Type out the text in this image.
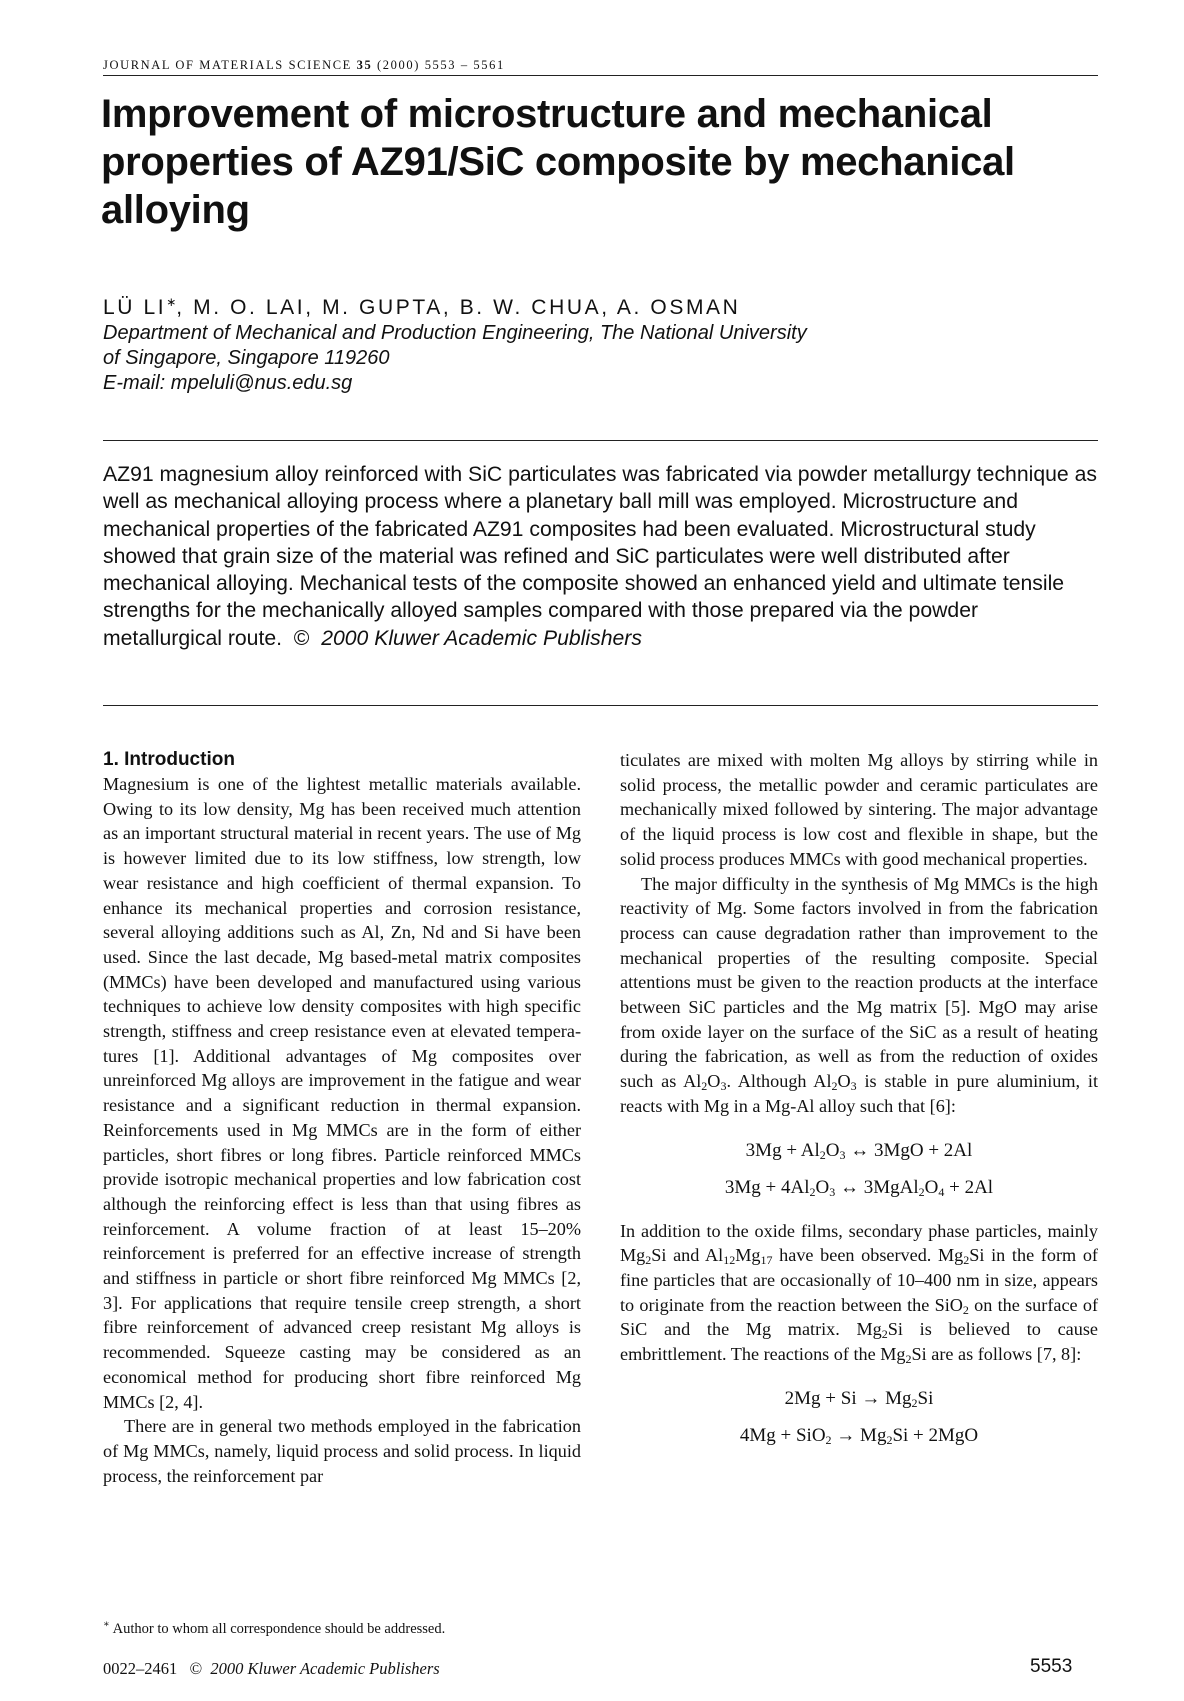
JOURNAL OF MATERIALS SCIENCE 35 (2000) 5553 – 5561
Improvement of microstructure and mechanical properties of AZ91/SiC composite by mechanical alloying
LÜ LI∗, M. O. LAI, M. GUPTA, B. W. CHUA, A. OSMAN
Department of Mechanical and Production Engineering, The National University
of Singapore, Singapore 119260
E-mail: mpeluli@nus.edu.sg
AZ91 magnesium alloy reinforced with SiC particulates was fabricated via powder metallurgy technique as well as mechanical alloying process where a planetary ball mill was employed. Microstructure and mechanical properties of the fabricated AZ91 composites had been evaluated. Microstructural study showed that grain size of the material was refined and SiC particulates were well distributed after mechanical alloying. Mechanical tests of the composite showed an enhanced yield and ultimate tensile strengths for the mechanically alloyed samples compared with those prepared via the powder metallurgical route. © 2000 Kluwer Academic Publishers
1. Introduction

Magnesium is one of the lightest metallic materials available. Owing to its low density, Mg has been received much attention as an important structural material in recent years. The use of Mg is however limited due to its low stiffness, low strength, low wear resistance and high coefficient of thermal expansion. To enhance its mechanical properties and corrosion resistance, several alloying additions such as Al, Zn, Nd and Si have been used. Since the last decade, Mg based-metal matrix composites (MMCs) have been developed and manufactured using various techniques to achieve low density composites with high specific strength, stiffness and creep resistance even at elevated temperatures [1]. Additional advantages of Mg composites over unreinforced Mg alloys are improvement in the fatigue and wear resistance and a significant reduction in thermal expansion. Reinforcements used in Mg MMCs are in the form of either particles, short fibres or long fibres. Particle reinforced MMCs provide isotropic mechanical properties and low fabrication cost although the reinforcing effect is less than that using fibres as reinforcement. A volume fraction of at least 15–20% reinforcement is preferred for an effective increase of strength and stiffness in particle or short fibre reinforced Mg MMCs [2, 3]. For applications that require tensile creep strength, a short fibre reinforcement of advanced creep resistant Mg alloys is recommended. Squeeze casting may be considered as an economical method for producing short fibre reinforced Mg MMCs [2, 4].

There are in general two methods employed in the fabrication of Mg MMCs, namely, liquid process and solid process. In liquid process, the reinforcement par

ticulates are mixed with molten Mg alloys by stirring while in solid process, the metallic powder and ceramic particulates are mechanically mixed followed by sintering. The major advantage of the liquid process is low cost and flexible in shape, but the solid process produces MMCs with good mechanical properties.

The major difficulty in the synthesis of Mg MMCs is the high reactivity of Mg. Some factors involved in from the fabrication process can cause degradation rather than improvement to the mechanical properties of the resulting composite. Special attentions must be given to the reaction products at the interface between SiC particles and the Mg matrix [5]. MgO may arise from oxide layer on the surface of the SiC as a result of heating during the fabrication, as well as from the reduction of oxides such as $Al_2O_3$. Although $Al_2O_3$ is stable in pure aluminium, it reacts with Mg in a Mg-Al alloy such that [6]:

$3Mg + Al_2O_3$ ↔ 3MgO + 2Al
$3Mg + 4Al_2O_3$ ↔ $3MgAl_2O_4 + 2Al$

In addition to the oxide films, secondary phase particles, mainly $Mg_2Si$ and $Al_{12}Mg_{17}$ have been observed. $Mg_2Si$ in the form of fine particles that are occasionally of 10–400 nm in size, appears to originate from the reaction between the SiO$_2$ on the surface of SiC and the Mg matrix. $Mg_2Si$ is believed to cause embrittlement. The reactions of the $Mg_2Si$ are as follows [7, 8]:

$2Mg + Si \to Mg_2Si$
$4Mg + SiO_2 \to Mg_2Si + 2MgO$
∗ Author to whom all correspondence should be addressed.
0022–2461 © 2000 Kluwer Academic Publishers	5553
